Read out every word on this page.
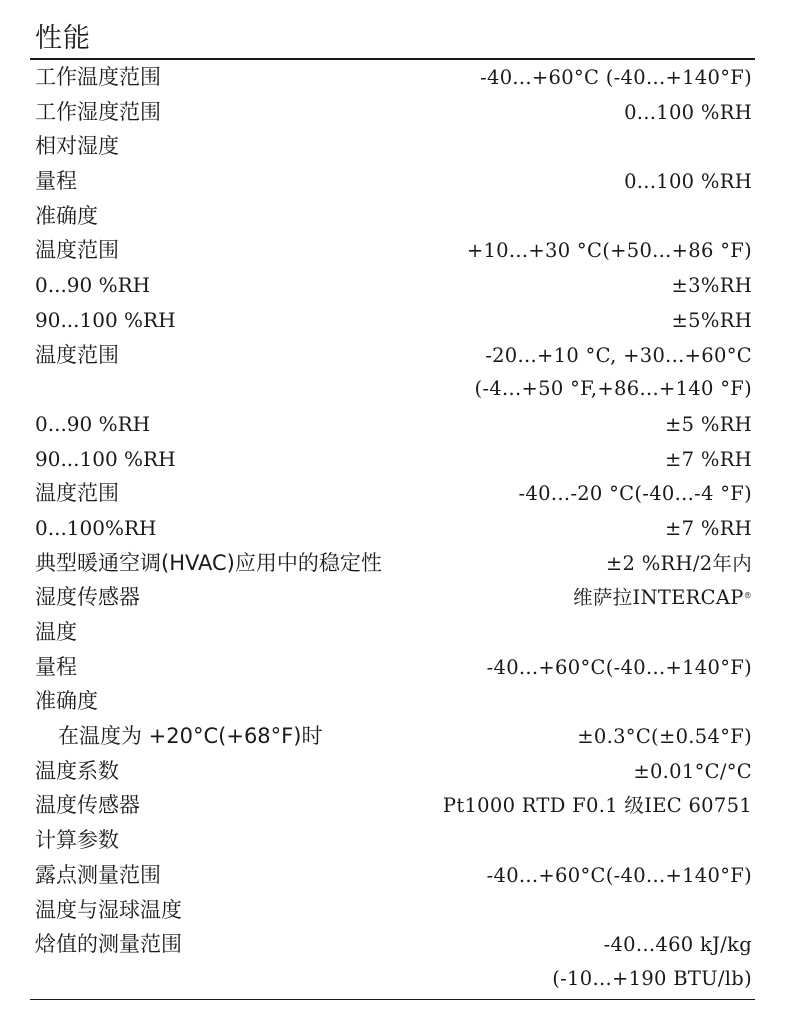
性能
工作温度范围	-40...+60°C (-40...+140°F)
工作湿度范围	0...100 %RH
相对湿度
量程	0...100 %RH
准确度
温度范围	+10...+30 °C(+50...+86 °F)
0...90 %RH	±3%RH
90...100 %RH	±5%RH
温度范围	-20...+10 °C, +30...+60°C
(-4...+50 °F,+86...+140 °F)
0...90 %RH	±5 %RH
90...100 %RH	±7 %RH
温度范围	-40...-20 °C(-40...-4 °F)
0...100%RH	±7 %RH
典型暖通空调(HVAC)应用中的稳定性	±2 %RH/2年内
湿度传感器	维萨拉INTERCAP®
温度
量程	-40...+60°C(-40...+140°F)
准确度
在温度为 +20°C(+68°F)时	±0.3°C(±0.54°F)
温度系数	±0.01°C/°C
温度传感器	Pt1000 RTD F0.1 级IEC 60751
计算参数
露点测量范围	-40...+60°C(-40...+140°F)
温度与湿球温度
焓值的测量范围	-40...460 kJ/kg
(-10...+190 BTU/lb)
